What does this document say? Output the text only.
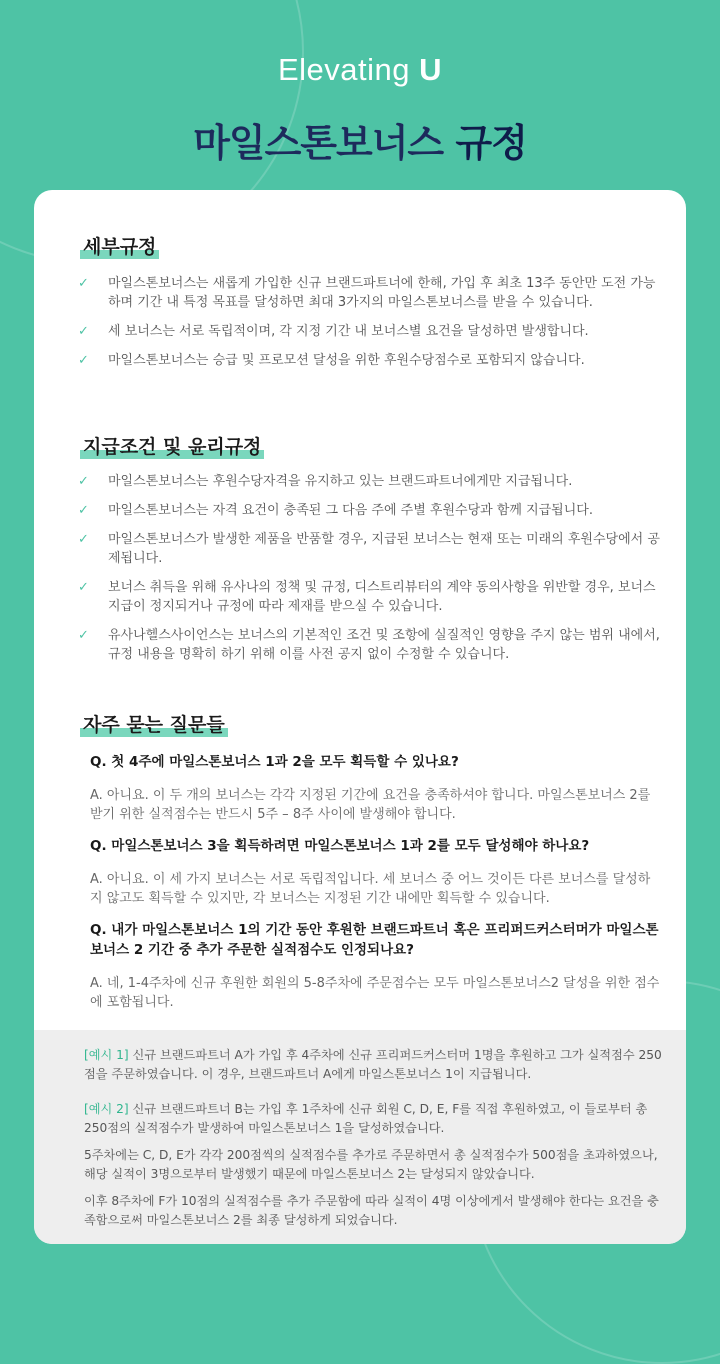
Elevating U
마일스톤보너스 규정
세부규정
✓ 마일스톤보너스는 새롭게 가입한 신규 브랜드파트너에 한해, 가입 후 최초 13주 동안만 도전 가능하며 기간 내 특정 목표를 달성하면 최대 3가지의 마일스톤보너스를 받을 수 있습니다.
✓ 세 보너스는 서로 독립적이며, 각 지정 기간 내 보너스별 요건을 달성하면 발생합니다.
✓ 마일스톤보너스는 승급 및 프로모션 달성을 위한 후원수당점수로 포함되지 않습니다.
지급조건 및 윤리규정
✓ 마일스톤보너스는 후원수당자격을 유지하고 있는 브랜드파트너에게만 지급됩니다.
✓ 마일스톤보너스는 자격 요건이 충족된 그 다음 주에 주별 후원수당과 함께 지급됩니다.
✓ 마일스톤보너스가 발생한 제품을 반품할 경우, 지급된 보너스는 현재 또는 미래의 후원수당에서 공제됩니다.
✓ 보너스 취득을 위해 유사나의 정책 및 규정, 디스트리뷰터의 계약 동의사항을 위반할 경우, 보너스 지급이 정지되거나 규정에 따라 제재를 받으실 수 있습니다.
✓ 유사나헬스사이언스는 보너스의 기본적인 조건 및 조항에 실질적인 영향을 주지 않는 범위 내에서, 규정 내용을 명확히 하기 위해 이를 사전 공지 없이 수정할 수 있습니다.
자주 묻는 질문들

Q. 첫 4주에 마일스톤보너스 1과 2을 모두 획득할 수 있나요?

A. 아니요. 이 두 개의 보너스는 각각 지정된 기간에 요건을 충족하셔야 합니다. 마일스톤보너스 2를 받기 위한 실적점수는 반드시 5주 – 8주 사이에 발생해야 합니다.

Q. 마일스톤보너스 3을 획득하려면 마일스톤보너스 1과 2를 모두 달성해야 하나요?

A. 아니요. 이 세 가지 보너스는 서로 독립적입니다. 세 보너스 중 어느 것이든 다른 보너스를 달성하지 않고도 획득할 수 있지만, 각 보너스는 지정된 기간 내에만 획득할 수 있습니다.

Q. 내가 마일스톤보너스 1의 기간 동안 후원한 브랜드파트너 혹은 프리퍼드커스터머가 마일스톤보너스 2 기간 중 추가 주문한 실적점수도 인정되나요?

A. 네, 1-4주차에 신규 후원한 회원의 5-8주차에 주문점수는 모두 마일스톤보너스2 달성을 위한 점수에 포함됩니다.

[예시 1] 신규 브랜드파트너 A가 가입 후 4주차에 신규 프리퍼드커스터머 1명을 후원하고 그가 실적점수 250점을 주문하였습니다. 이 경우, 브랜드파트너 A에게 마일스톤보너스 1이 지급됩니다.
[예시 2] 신규 브랜드파트너 B는 가입 후 1주차에 신규 회원 C, D, E, F를 직접 후원하였고, 이 들로부터 총 250점의 실적점수가 발생하여 마일스톤보너스 1을 달성하였습니다.
5주차에는 C, D, E가 각각 200점씩의 실적점수를 추가로 주문하면서 총 실적점수가 500점을 초과하였으나, 해당 실적이 3명으로부터 발생했기 때문에 마일스톤보너스 2는 달성되지 않았습니다.
이후 8주차에 F가 10점의 실적점수를 추가 주문함에 따라 실적이 4명 이상에게서 발생해야 한다는 요건을 충족함으로써 마일스톤보너스 2를 최종 달성하게 되었습니다.
